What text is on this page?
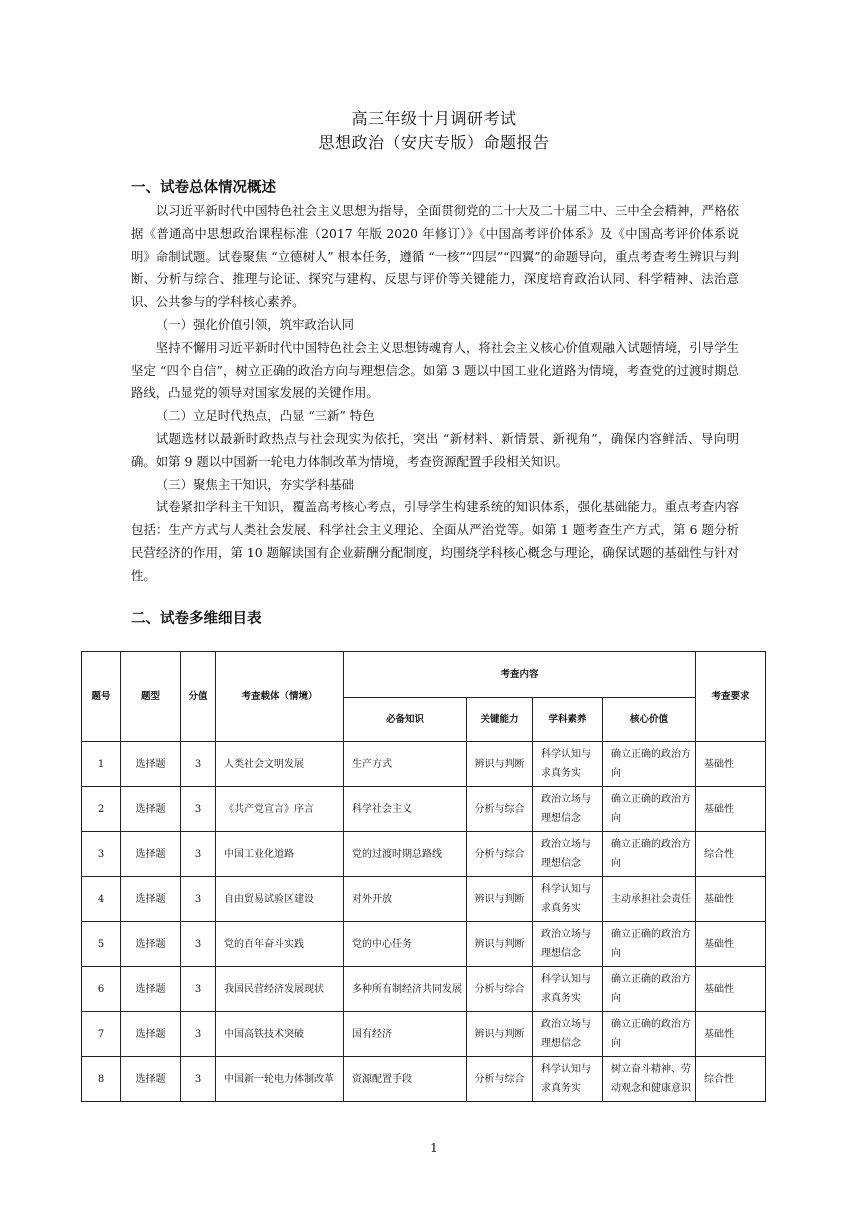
高三年级十月调研考试
思想政治（安庆专版）命题报告
一、试卷总体情况概述

以习近平新时代中国特色社会主义思想为指导，全面贯彻党的二十大及二十届二中、三中全会精神，严格依据《普通高中思想政治课程标准（2017 年版 2020 年修订）》《中国高考评价体系》及《中国高考评价体系说明》命制试题。试卷聚焦 “立德树人” 根本任务，遵循 “一核”“四层”“四翼”的命题导向，重点考查考生辨识与判断、分析与综合、推理与论证、探究与建构、反思与评价等关键能力，深度培育政治认同、科学精神、法治意识、公共参与的学科核心素养。

（一）强化价值引领，筑牢政治认同

坚持不懈用习近平新时代中国特色社会主义思想铸魂育人，将社会主义核心价值观融入试题情境，引导学生坚定 “四个自信”，树立正确的政治方向与理想信念。如第 3 题以中国工业化道路为情境，考查党的过渡时期总路线，凸显党的领导对国家发展的关键作用。

（二）立足时代热点，凸显 “三新” 特色

试题选材以最新时政热点与社会现实为依托，突出 “新材料、新情景、新视角”，确保内容鲜活、导向明确。如第 9 题以中国新一轮电力体制改革为情境，考查资源配置手段相关知识。

（三）聚焦主干知识，夯实学科基础

试卷紧扣学科主干知识，覆盖高考核心考点，引导学生构建系统的知识体系，强化基础能力。重点考查内容包括：生产方式与人类社会发展、科学社会主义理论、全面从严治党等。如第 1 题考查生产方式，第 6 题分析民营经济的作用，第 10 题解读国有企业薪酬分配制度，均围绕学科核心概念与理论，确保试题的基础性与针对性。

二、试卷多维细目表
题号	题型	分值	考查载体（情境）	考查内容				考查要求
				必备知识	关键能力	学科素养	核心价值	
1	选择题	3	人类社会文明发展	生产方式	辨识与判断	科学认知与求真务实	确立正确的政治方向	基础性
2	选择题	3	《共产党宣言》序言	科学社会主义	分析与综合	政治立场与理想信念	确立正确的政治方向	基础性
3	选择题	3	中国工业化道路	党的过渡时期总路线	分析与综合	政治立场与理想信念	确立正确的政治方向	综合性
4	选择题	3	自由贸易试验区建设	对外开放	辨识与判断	科学认知与求真务实	主动承担社会责任	基础性
5	选择题	3	党的百年奋斗实践	党的中心任务	辨识与判断	政治立场与理想信念	确立正确的政治方向	基础性
6	选择题	3	我国民营经济发展现状	多种所有制经济共同发展	分析与综合	科学认知与求真务实	确立正确的政治方向	基础性
7	选择题	3	中国高铁技术突破	国有经济	辨识与判断	政治立场与理想信念	确立正确的政治方向	基础性
8	选择题	3	中国新一轮电力体制改革	资源配置手段	分析与综合	科学认知与求真务实	树立奋斗精神、劳动观念和健康意识	综合性
1
